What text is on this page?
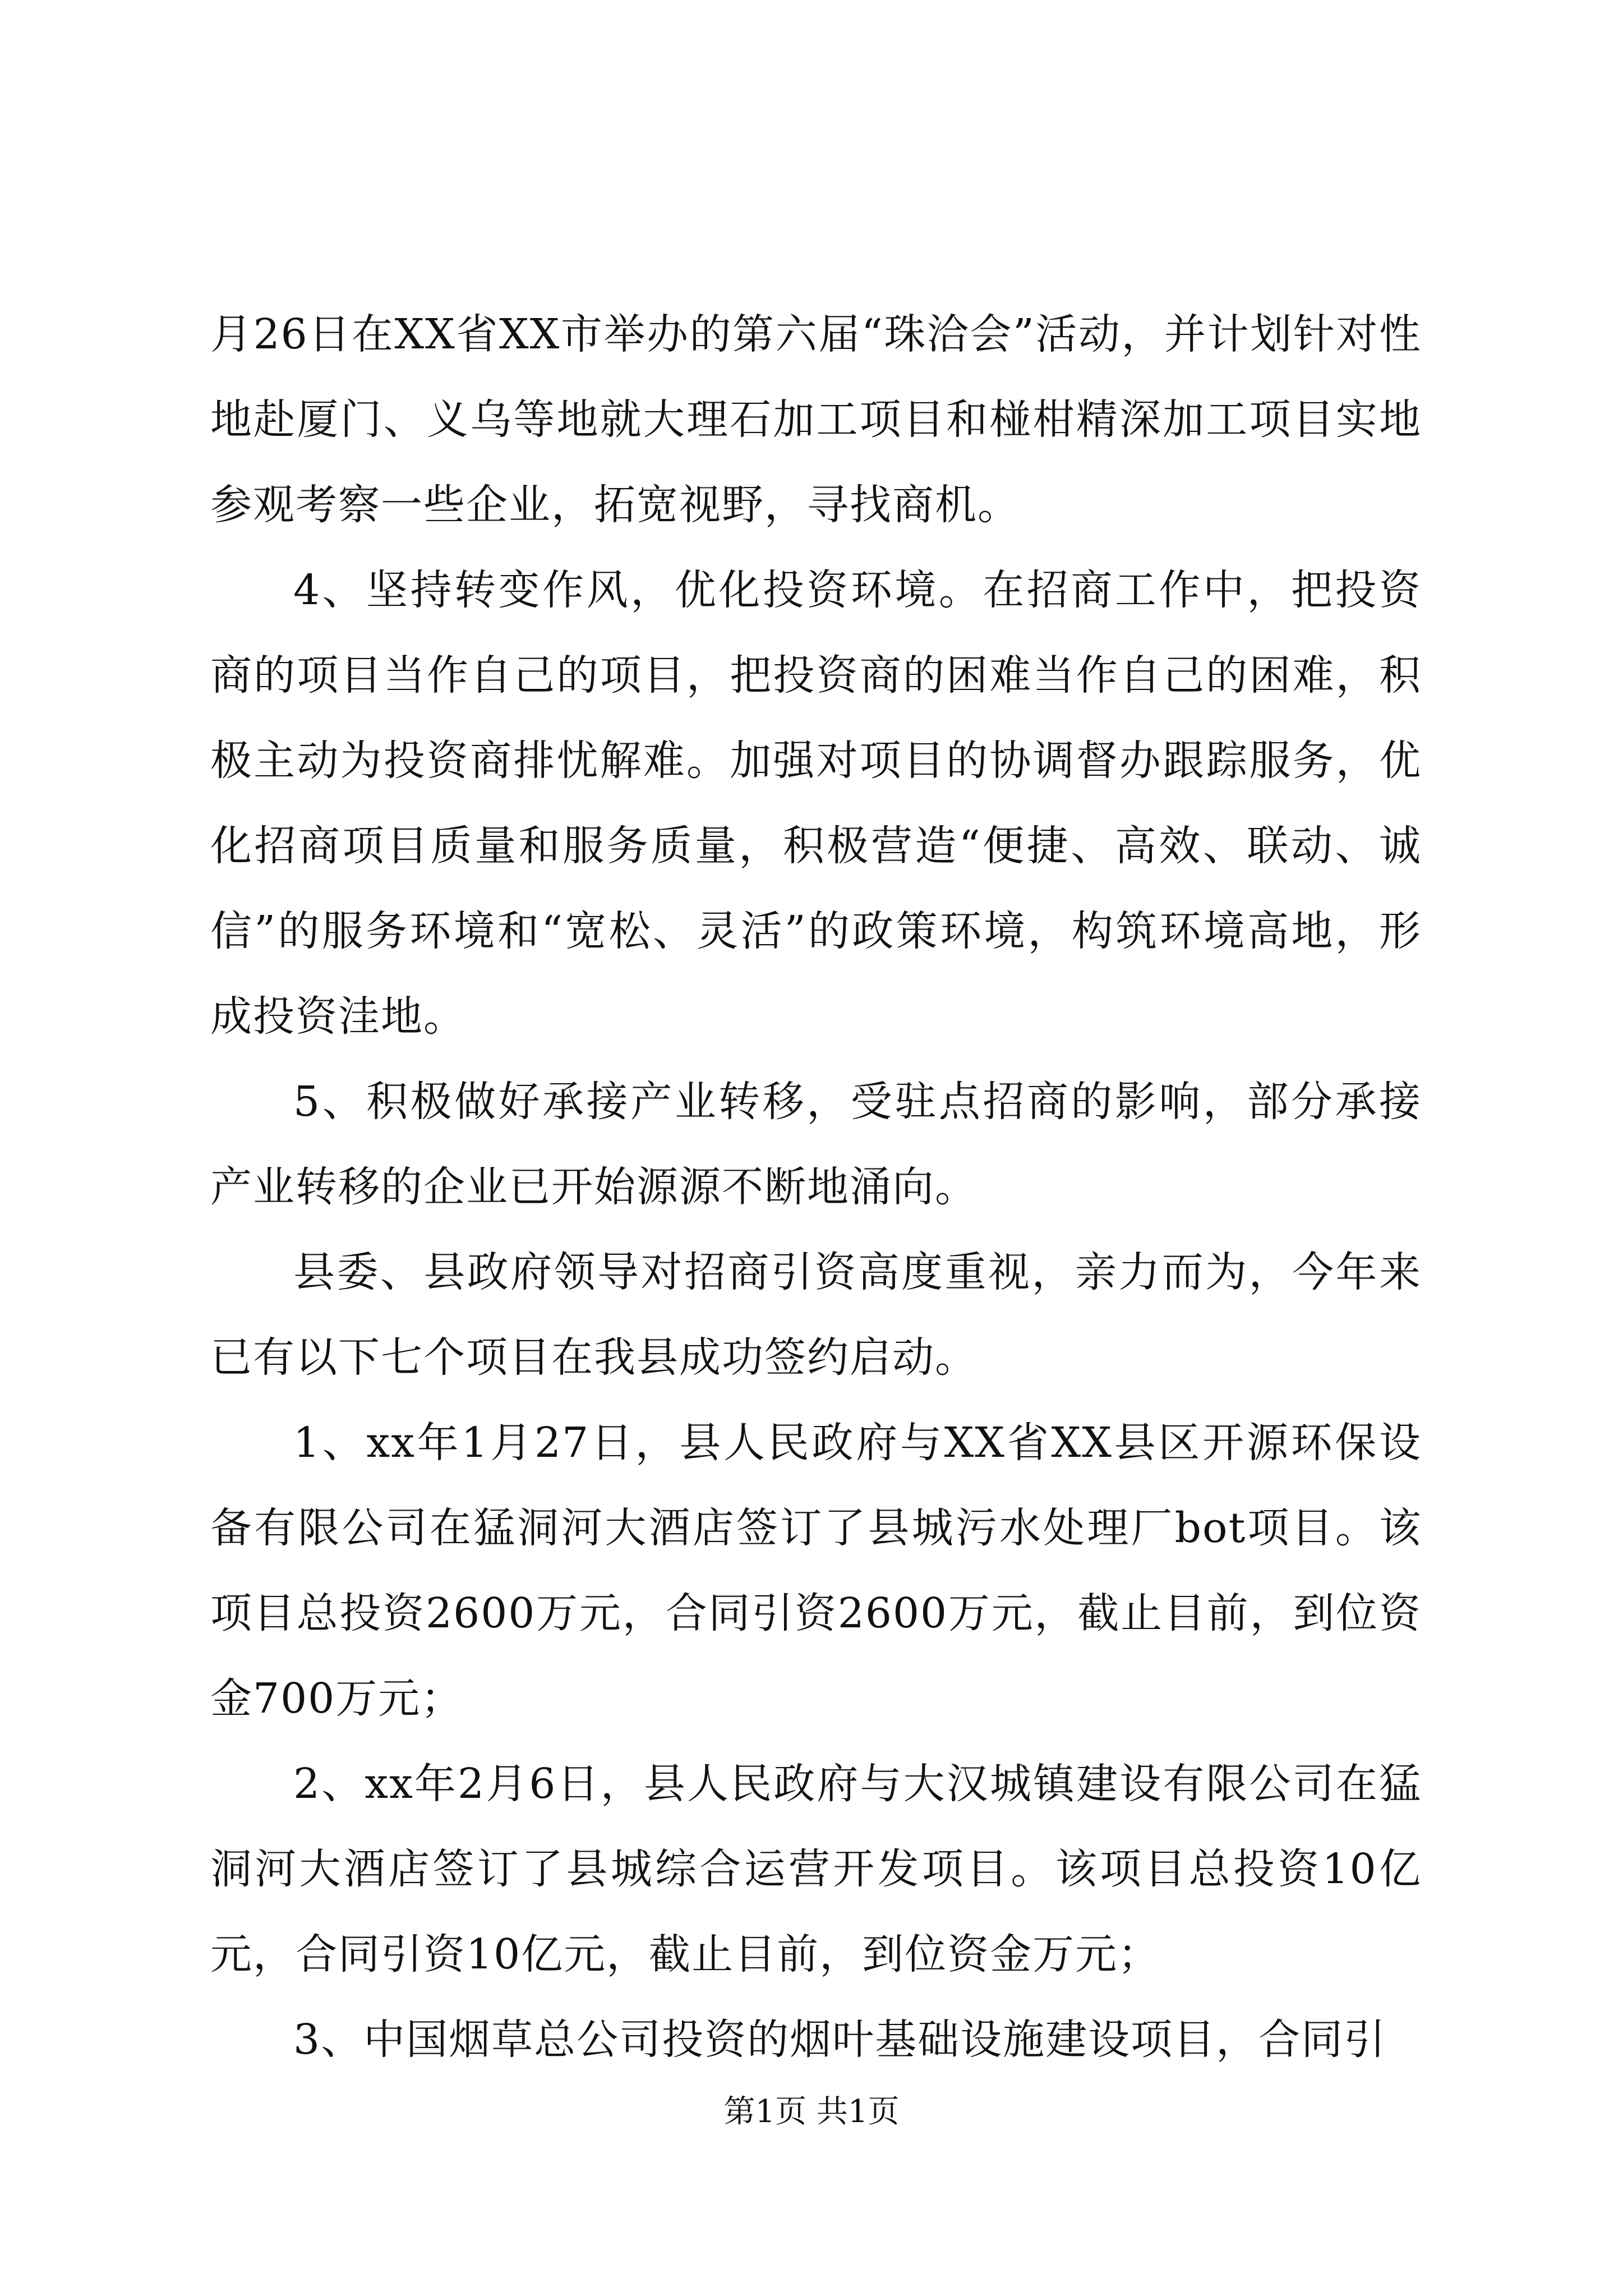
月26日在XX省XX市举办的第六届“珠洽会”活动，并计划针对性地赴厦门、义乌等地就大理石加工项目和椪柑精深加工项目实地参观考察一些企业，拓宽视野，寻找商机。

4、坚持转变作风，优化投资环境。在招商工作中，把投资商的项目当作自己的项目，把投资商的困难当作自己的困难，积极主动为投资商排忧解难。加强对项目的协调督办跟踪服务，优化招商项目质量和服务质量，积极营造“便捷、高效、联动、诚信”的服务环境和“宽松、灵活”的政策环境，构筑环境高地，形成投资洼地。

5、积极做好承接产业转移，受驻点招商的影响，部分承接产业转移的企业已开始源源不断地涌向。

县委、县政府领导对招商引资高度重视，亲力而为，今年来已有以下七个项目在我县成功签约启动。

1、xx年1月27日，县人民政府与XX省XX县区开源环保设备有限公司在猛洞河大酒店签订了县城污水处理厂bot项目。该项目总投资2600万元，合同引资2600万元，截止目前，到位资金700万元；

2、xx年2月6日，县人民政府与大汉城镇建设有限公司在猛洞河大酒店签订了县城综合运营开发项目。该项目总投资10亿元，合同引资10亿元，截止目前，到位资金万元；

3、中国烟草总公司投资的烟叶基础设施建设项目，合同引

第1页 共1页
